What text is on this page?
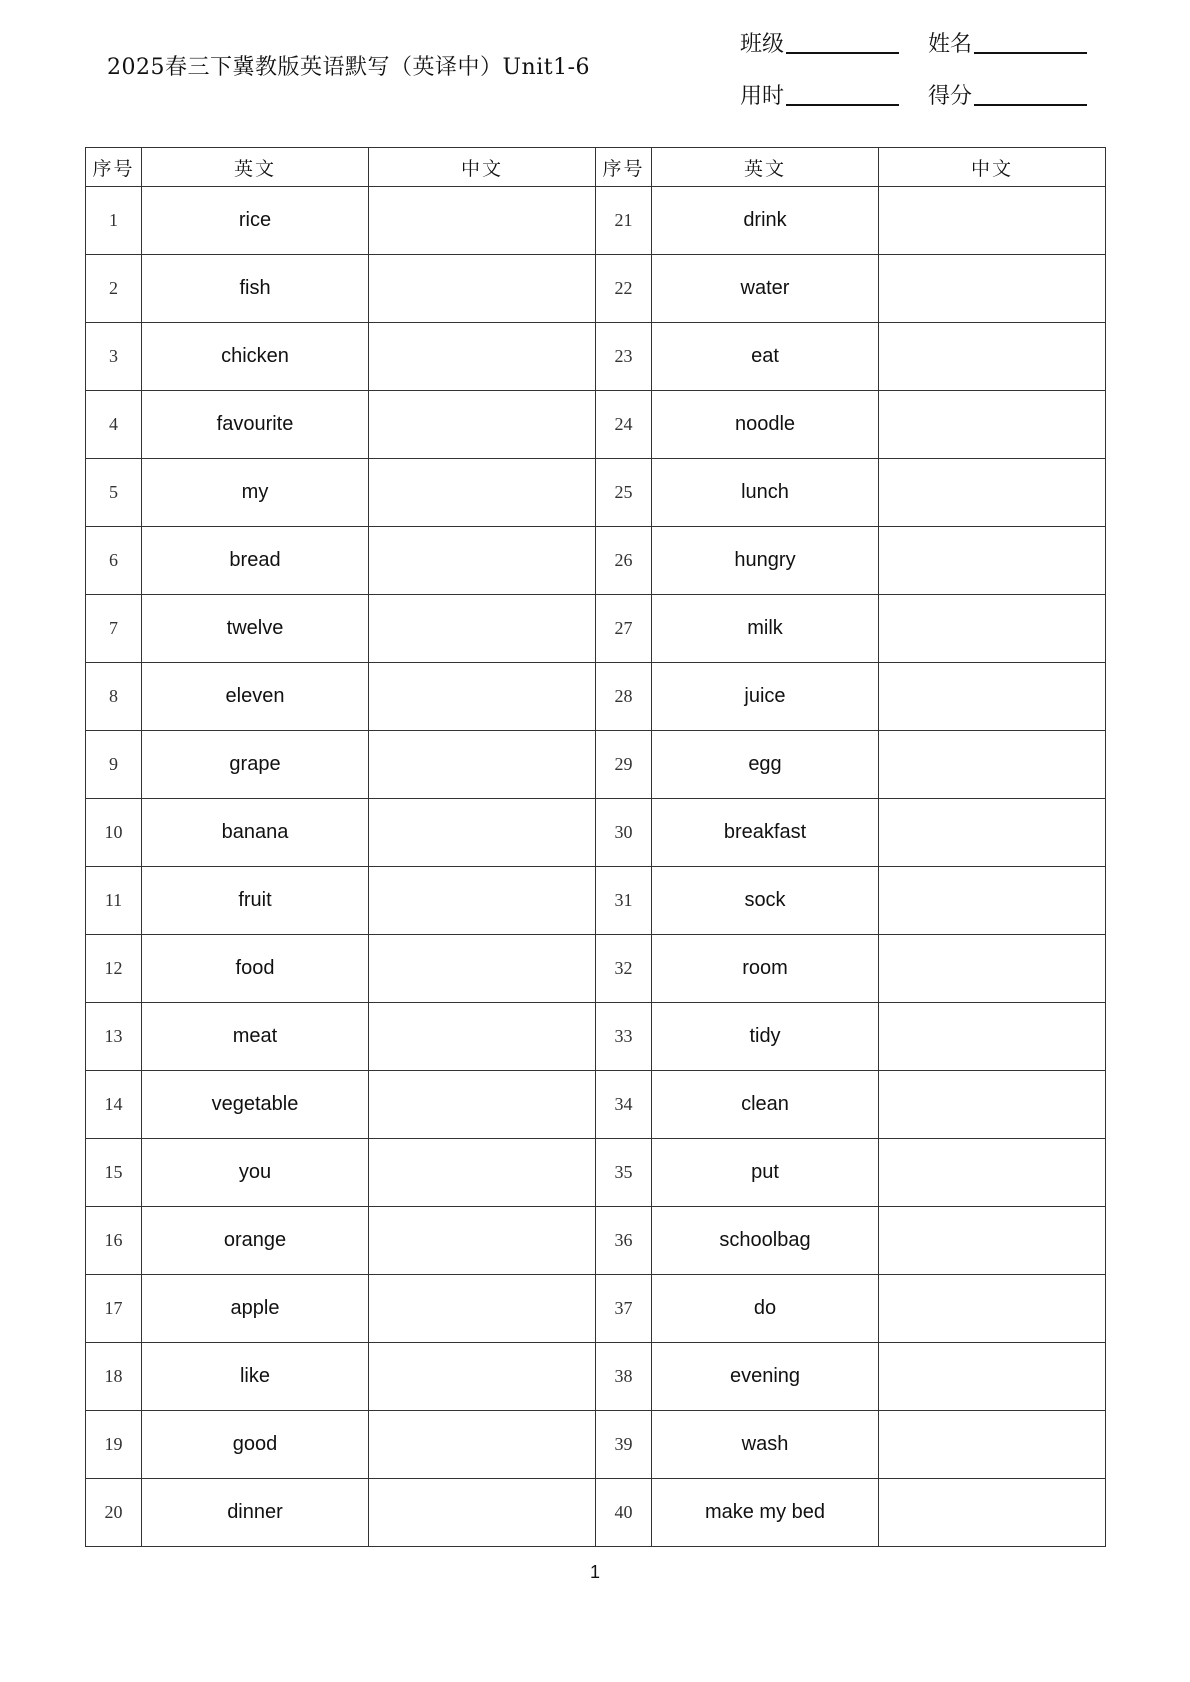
2025春三下冀教版英语默写（英译中）Unit1-6
班级	姓名
用时	得分
序号	英文	中文	序号	英文	中文
1	rice		21	drink	
2	fish		22	water	
3	chicken		23	eat	
4	favourite		24	noodle	
5	my		25	lunch	
6	bread		26	hungry	
7	twelve		27	milk	
8	eleven		28	juice	
9	grape		29	egg	
10	banana		30	breakfast	
11	fruit		31	sock	
12	food		32	room	
13	meat		33	tidy	
14	vegetable		34	clean	
15	you		35	put	
16	orange		36	schoolbag	
17	apple		37	do	
18	like		38	evening	
19	good		39	wash	
20	dinner		40	make my bed	
1
